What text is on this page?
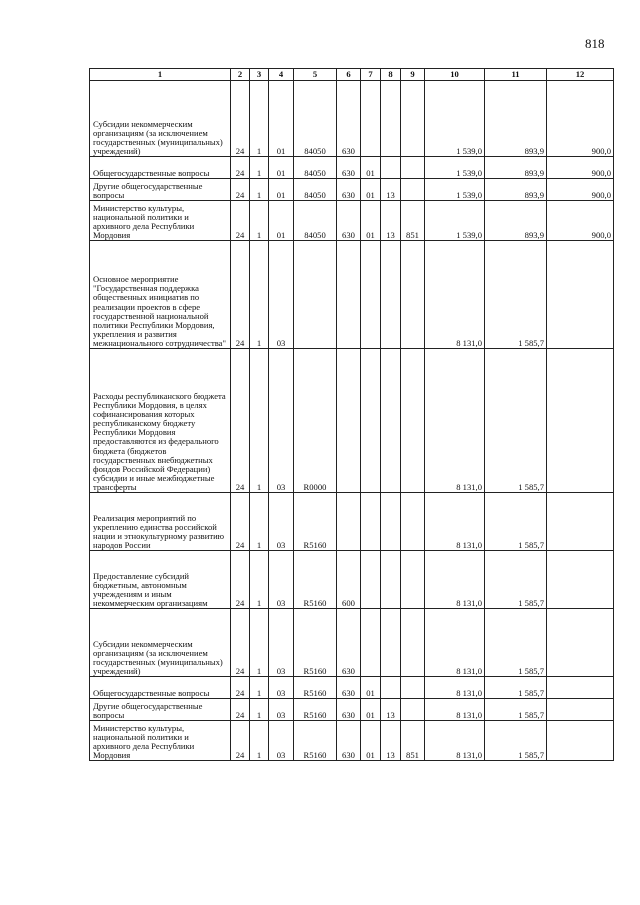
818
1	2	3	4	5	6	7	8	9	10	11	12
Субсидии некоммерческим организациям (за исключением государственных (муниципальных) учреждений)	24	1	01	84050	630				1 539,0	893,9	900,0
Общегосударственные вопросы	24	1	01	84050	630	01			1 539,0	893,9	900,0
Другие общегосударственные вопросы	24	1	01	84050	630	01	13		1 539,0	893,9	900,0
Министерство культуры, национальной политики и архивного дела Республики Мордовия	24	1	01	84050	630	01	13	851	1 539,0	893,9	900,0
Основное мероприятие "Государственная поддержка общественных инициатив по реализации проектов в сфере государственной национальной политики Республики Мордовия, укрепления и развития межнационального сотрудничества"	24	1	03						8 131,0	1 585,7	
Расходы республиканского бюджета Республики Мордовия, в целях софинансирования которых республиканскому бюджету Республики Мордовия предоставляются из федерального бюджета (бюджетов государственных внебюджетных фондов Российской Федерации) субсидии и иные межбюджетные трансферты	24	1	03	R0000					8 131,0	1 585,7	
Реализация мероприятий по укреплению единства российской нации и этнокультурному развитию народов России	24	1	03	R5160					8 131,0	1 585,7	
Предоставление субсидий бюджетным, автономным учреждениям и иным некоммерческим организациям	24	1	03	R5160	600				8 131,0	1 585,7	
Субсидии некоммерческим организациям (за исключением государственных (муниципальных) учреждений)	24	1	03	R5160	630				8 131,0	1 585,7	
Общегосударственные вопросы	24	1	03	R5160	630	01			8 131,0	1 585,7	
Другие общегосударственные вопросы	24	1	03	R5160	630	01	13		8 131,0	1 585,7	
Министерство культуры, национальной политики и архивного дела Республики Мордовия	24	1	03	R5160	630	01	13	851	8 131,0	1 585,7	
